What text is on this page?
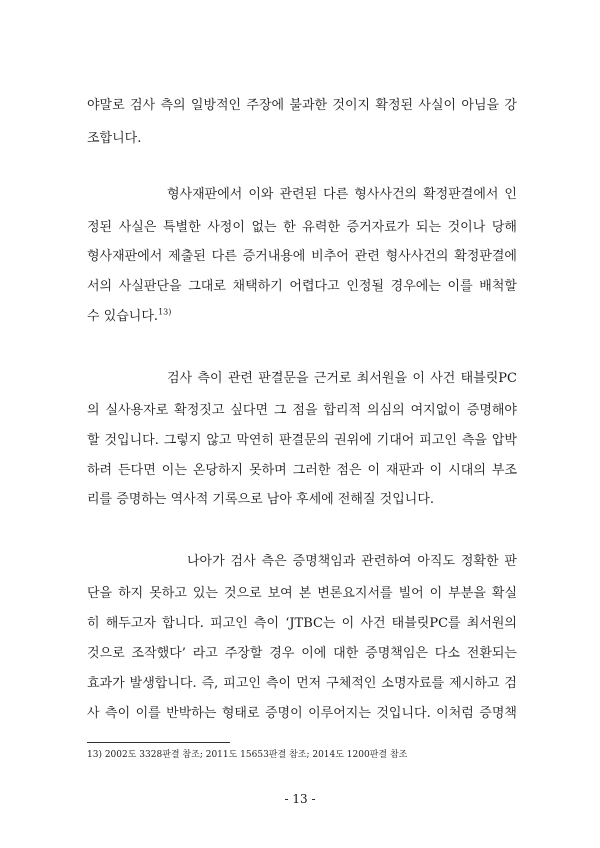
야말로 검사 측의 일방적인 주장에 불과한 것이지 확정된 사실이 아님을 강
조합니다.
형사재판에서 이와 관련된 다른 형사사건의 확정판결에서 인
정된 사실은 특별한 사정이 없는 한 유력한 증거자료가 되는 것이나 당해
형사재판에서 제출된 다른 증거내용에 비추어 관련 형사사건의 확정판결에
서의 사실판단을 그대로 채택하기 어렵다고 인정될 경우에는 이를 배척할
수 있습니다.$^{13)}$
검사 측이 관련 판결문을 근거로 최서원을 이 사건 태블릿PC
의 실사용자로 확정짓고 싶다면 그 점을 합리적 의심의 여지없이 증명해야
할 것입니다. 그렇지 않고 막연히 판결문의 권위에 기대어 피고인 측을 압박
하려 든다면 이는 온당하지 못하며 그러한 점은 이 재판과 이 시대의 부조
리를 증명하는 역사적 기록으로 남아 후세에 전해질 것입니다.
나아가 검사 측은 증명책임과 관련하여 아직도 정확한 판
단을 하지 못하고 있는 것으로 보여 본 변론요지서를 빌어 이 부분을 확실
히 해두고자 합니다. 피고인 측이 ‘JTBC는 이 사건 태블릿PC를 최서원의
것으로 조작했다’ 라고 주장할 경우 이에 대한 증명책임은 다소 전환되는
효과가 발생합니다. 즉, 피고인 측이 먼저 구체적인 소명자료를 제시하고 검
사 측이 이를 반박하는 형태로 증명이 이루어지는 것입니다. 이처럼 증명책
13) 2002도 3328판결 참조; 2011도 15653판결 참조; 2014도 1200판결 참조
- 13 -
